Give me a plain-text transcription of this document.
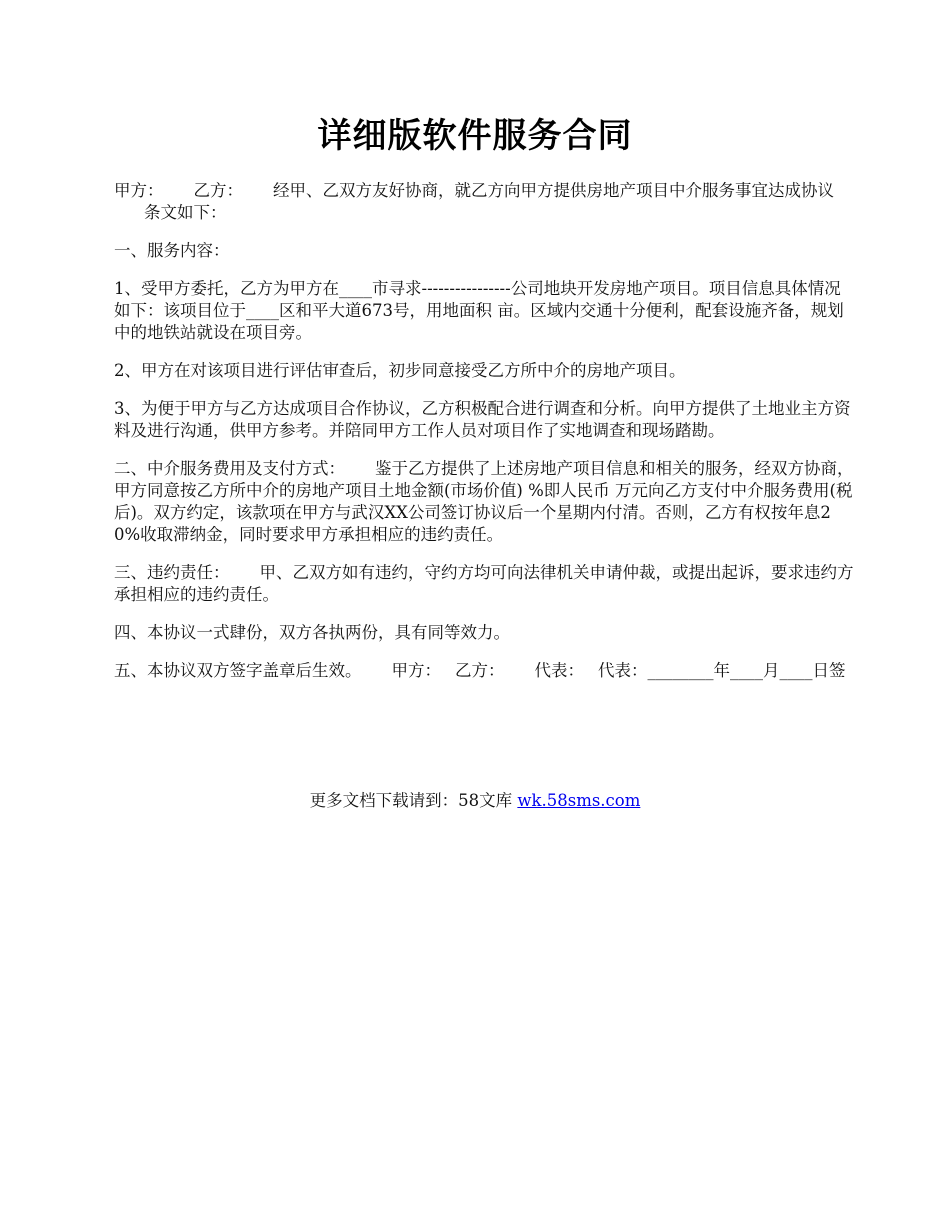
详细版软件服务合同

甲方： 乙方： 经甲、乙双方友好协商，就乙方向甲方提供房地产项目中介服务事宜达成协议条文如下：

一、服务内容：

1、受甲方委托，乙方为甲方在____市寻求----------------公司地块开发房地产项目。项目信息具体情况如下：该项目位于____区和平大道673号，用地面积 亩。区域内交通十分便利，配套设施齐备，规划中的地铁站就设在项目旁。

2、甲方在对该项目进行评估审查后，初步同意接受乙方所中介的房地产项目。

3、为便于甲方与乙方达成项目合作协议，乙方积极配合进行调查和分析。向甲方提供了土地业主方资料及进行沟通，供甲方参考。并陪同甲方工作人员对项目作了实地调查和现场踏勘。

二、中介服务费用及支付方式： 鉴于乙方提供了上述房地产项目信息和相关的服务，经双方协商，甲方同意按乙方所中介的房地产项目土地金额(市场价值) %即人民币 万元向乙方支付中介服务费用(税后)。双方约定，该款项在甲方与武汉XX公司签订协议后一个星期内付清。否则，乙方有权按年息20%收取滞纳金，同时要求甲方承担相应的违约责任。

三、违约责任： 甲、乙双方如有违约，守约方均可向法律机关申请仲裁，或提出起诉，要求违约方承担相应的违约责任。

四、本协议一式肆份，双方各执两份，具有同等效力。

五、本协议双方签字盖章后生效。 甲方： 乙方： 代表： 代表：________年____月____日签

更多文档下载请到：58文库 wk.58sms.com
